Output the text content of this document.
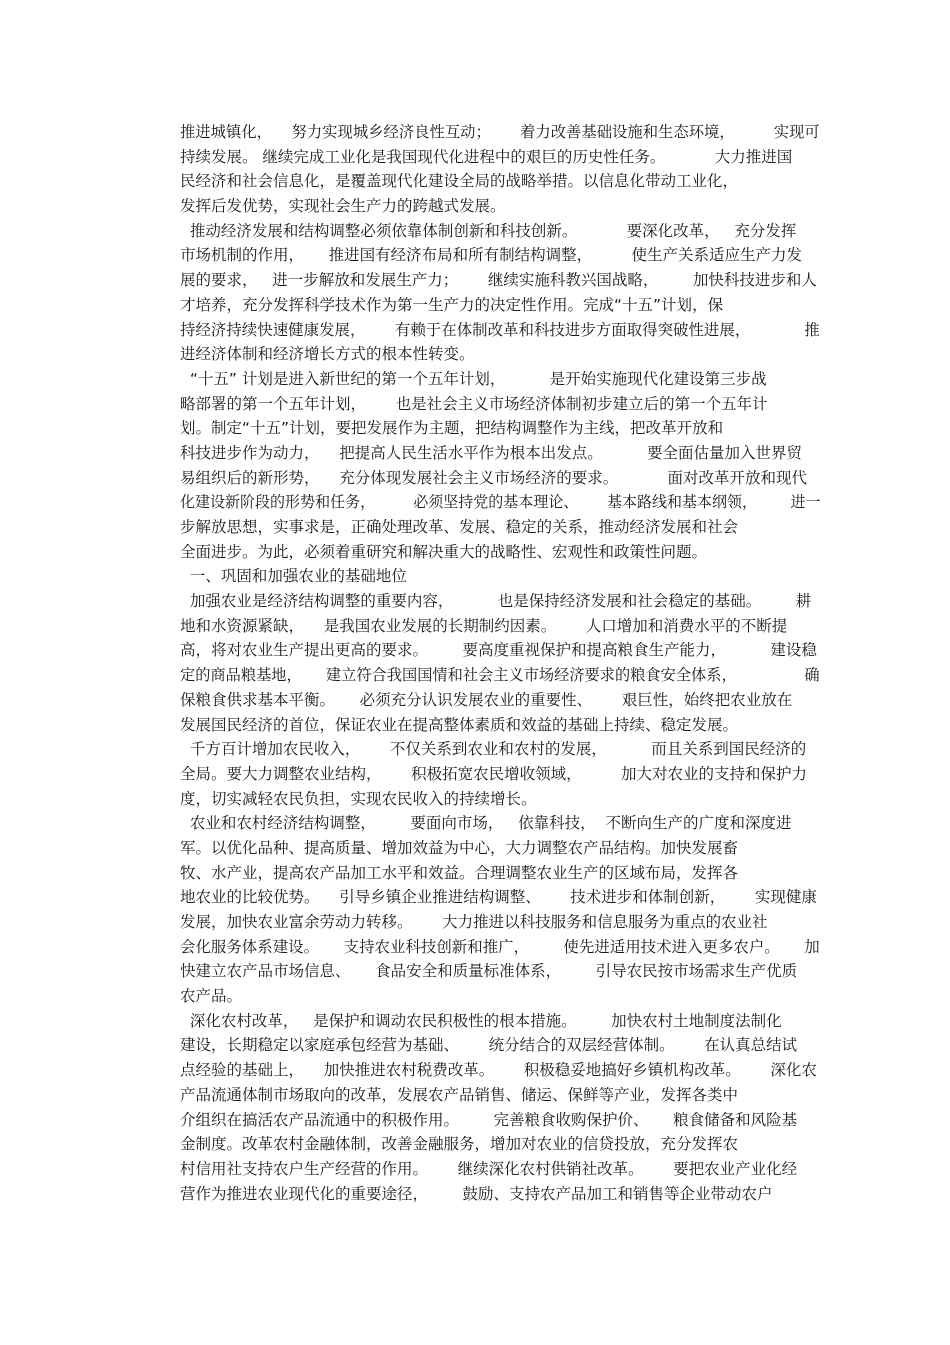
推进城镇化，    努力实现城乡经济良性互动；      着力改善基础设施和生态环境，        实现可
持续发展。 继续完成工业化是我国现代化进程中的艰巨的历史性任务。          大力推进国
民经济和社会信息化，是覆盖现代化建设全局的战略举措。以信息化带动工业化，
发挥后发优势，实现社会生产力的跨越式发展。
推动经济发展和结构调整必须依靠体制创新和科技创新。          要深化改革，   充分发挥
市场机制的作用，     推进国有经济布局和所有制结构调整，        使生产关系适应生产力发
展的要求，   进一步解放和发展生产力；      继续实施科教兴国战略，       加快科技进步和人
才培养，充分发挥科学技术作为第一生产力的决定性作用。完成“十五”计划，保
持经济持续快速健康发展，      有赖于在体制改革和科技进步方面取得突破性进展，           推
进经济体制和经济增长方式的根本性转变。
“十五” 计划是进入新世纪的第一个五年计划，         是开始实施现代化建设第三步战
略部署的第一个五年计划，      也是社会主义市场经济体制初步建立后的第一个五年计
划。制定“十五”计划，要把发展作为主题，把结构调整作为主线，把改革开放和
科技进步作为动力，    把提高人民生活水平作为根本出发点。         要全面估量加入世界贸
易组织后的新形势，    充分体现发展社会主义市场经济的要求。          面对改革开放和现代
化建设新阶段的形势和任务，        必须坚持党的基本理论、      基本路线和基本纲领，       进一
步解放思想，实事求是，正确处理改革、发展、稳定的关系，推动经济发展和社会
全面进步。为此，必须着重研究和解决重大的战略性、宏观性和政策性问题。
一、巩固和加强农业的基础地位
加强农业是经济结构调整的重要内容，         也是保持经济发展和社会稳定的基础。       耕
地和水资源紧缺，    是我国农业发展的长期制约因素。      人口增加和消费水平的不断提
高，将对农业生产提出更高的要求。       要高度重视保护和提高粮食生产能力，         建设稳
定的商品粮基地，     建立符合我国国情和社会主义市场经济要求的粮食安全体系，              确
保粮食供求基本平衡。     必须充分认识发展农业的重要性、      艰巨性，始终把农业放在
发展国民经济的首位，保证农业在提高整体素质和效益的基础上持续、稳定发展。
千方百计增加农民收入，      不仅关系到农业和农村的发展，         而且关系到国民经济的
全局。要大力调整农业结构，      积极拓宽农民增收领域，        加大对农业的支持和保护力
度，切实减轻农民负担，实现农民收入的持续增长。
农业和农村经济结构调整，       要面向市场，   依靠科技，  不断向生产的广度和深度进
军。以优化品种、提高质量、增加效益为中心，大力调整农产品结构。加快发展畜
牧、水产业，提高农产品加工水平和效益。合理调整农业生产的区域布局，发挥各
地农业的比较优势。    引导乡镇企业推进结构调整、      技术进步和体制创新，      实现健康
发展，加快农业富余劳动力转移。      大力推进以科技服务和信息服务为重点的农业社
会化服务体系建设。     支持农业科技创新和推广，       使先进适用技术进入更多农户。     加
快建立农产品市场信息、     食品安全和质量标准体系，       引导农民按市场需求生产优质
农产品。
深化农村改革，   是保护和调动农民积极性的根本措施。       加快农村土地制度法制化
建设，长期稳定以家庭承包经营为基础、      统分结合的双层经营体制。      在认真总结试
点经验的基础上，    加快推进农村税费改革。      积极稳妥地搞好乡镇机构改革。      深化农
产品流通体制市场取向的改革，发展农产品销售、储运、保鲜等产业，发挥各类中
介组织在搞活农产品流通中的积极作用。       完善粮食收购保护价、     粮食储备和风险基
金制度。改革农村金融体制，改善金融服务，增加对农业的信贷投放，充分发挥农
村信用社支持农户生产经营的作用。      继续深化农村供销社改革。      要把农业产业化经
营作为推进农业现代化的重要途径，       鼓励、支持农产品加工和销售等企业带动农户
